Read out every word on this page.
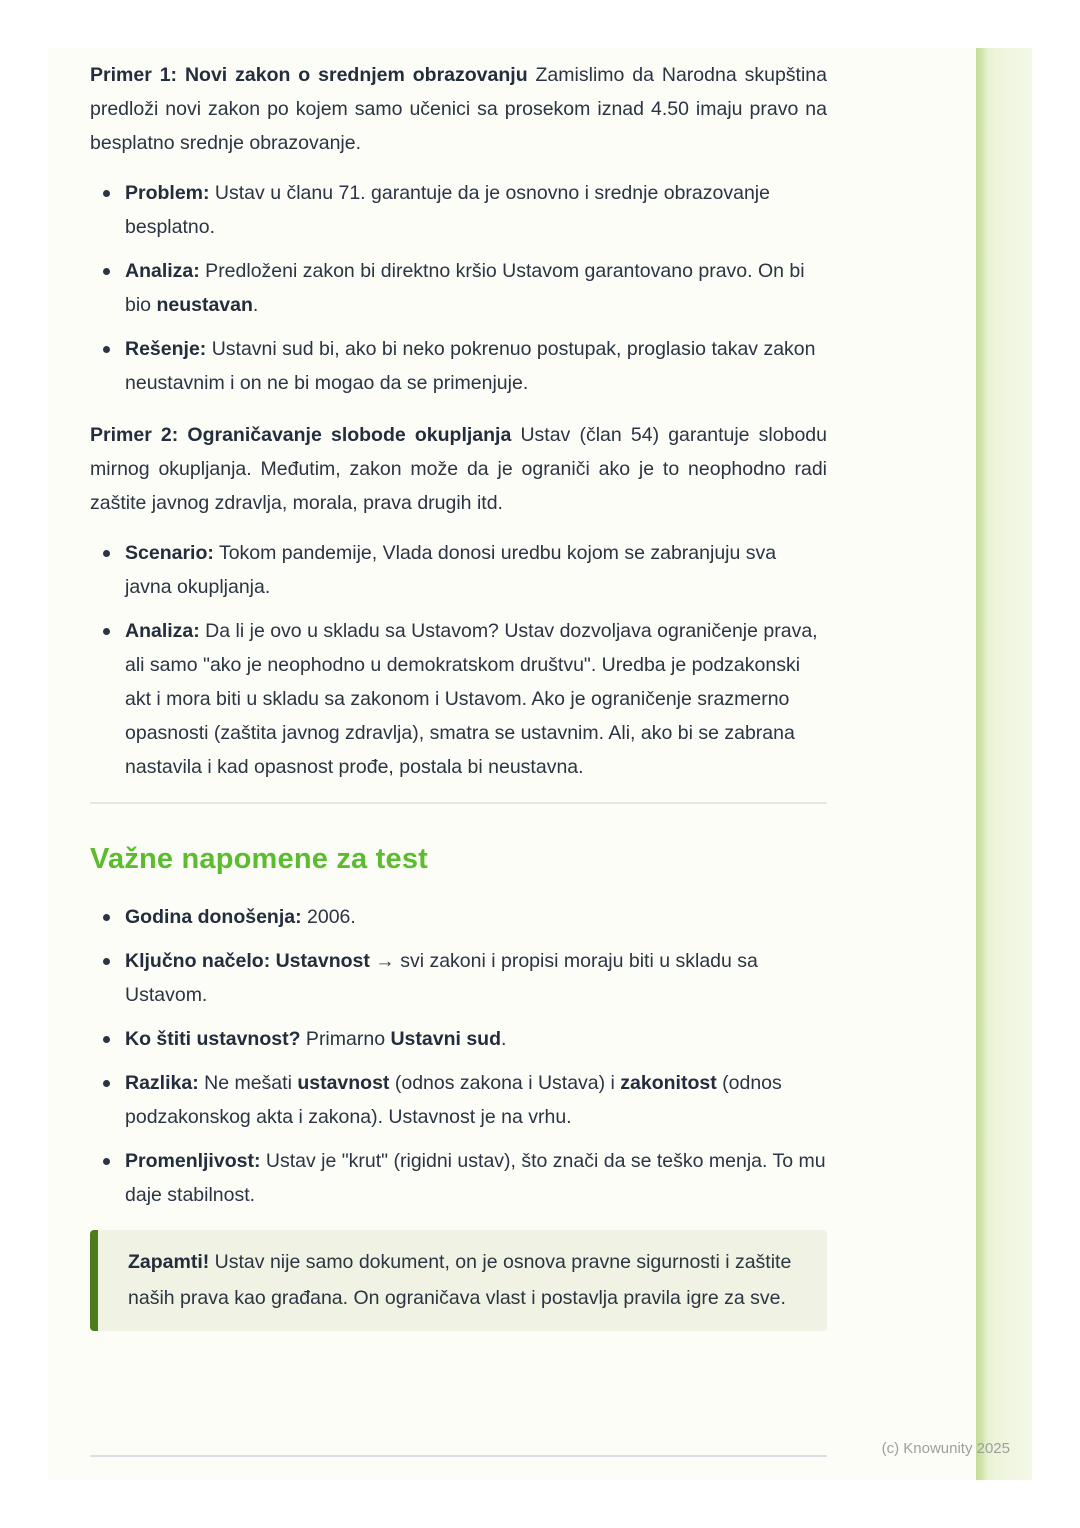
Primer 1: Novi zakon o srednjem obrazovanju Zamislimo da Narodna skupština predloži novi zakon po kojem samo učenici sa prosekom iznad 4.50 imaju pravo na besplatno srednje obrazovanje.

Problem: Ustav u članu 71. garantuje da je osnovno i srednje obrazovanje besplatno.
Analiza: Predloženi zakon bi direktno kršio Ustavom garantovano pravo. On bi bio neustavan.
Rešenje: Ustavni sud bi, ako bi neko pokrenuo postupak, proglasio takav zakon neustavnim i on ne bi mogao da se primenjuje.

Primer 2: Ograničavanje slobode okupljanja Ustav (član 54) garantuje slobodu mirnog okupljanja. Međutim, zakon može da je ograniči ako je to neophodno radi zaštite javnog zdravlja, morala, prava drugih itd.

Scenario: Tokom pandemije, Vlada donosi uredbu kojom se zabranjuju sva javna okupljanja.
Analiza: Da li je ovo u skladu sa Ustavom? Ustav dozvoljava ograničenje prava, ali samo "ako je neophodno u demokratskom društvu". Uredba je podzakonski akt i mora biti u skladu sa zakonom i Ustavom. Ako je ograničenje srazmerno opasnosti (zaštita javnog zdravlja), smatra se ustavnim. Ali, ako bi se zabrana nastavila i kad opasnost prođe, postala bi neustavna.
Važne napomene za test
Godina donošenja: 2006.
Ključno načelo: Ustavnost → svi zakoni i propisi moraju biti u skladu sa Ustavom.
Ko štiti ustavnost? Primarno Ustavni sud.
Razlika: Ne mešati ustavnost (odnos zakona i Ustava) i zakonitost (odnos podzakonskog akta i zakona). Ustavnost je na vrhu.
Promenljivost: Ustav je "krut" (rigidni ustav), što znači da se teško menja. To mu daje stabilnost.
Zapamti! Ustav nije samo dokument, on je osnova pravne sigurnosti i zaštite naših prava kao građana. On ograničava vlast i postavlja pravila igre za sve.
(c) Knowunity 2025
